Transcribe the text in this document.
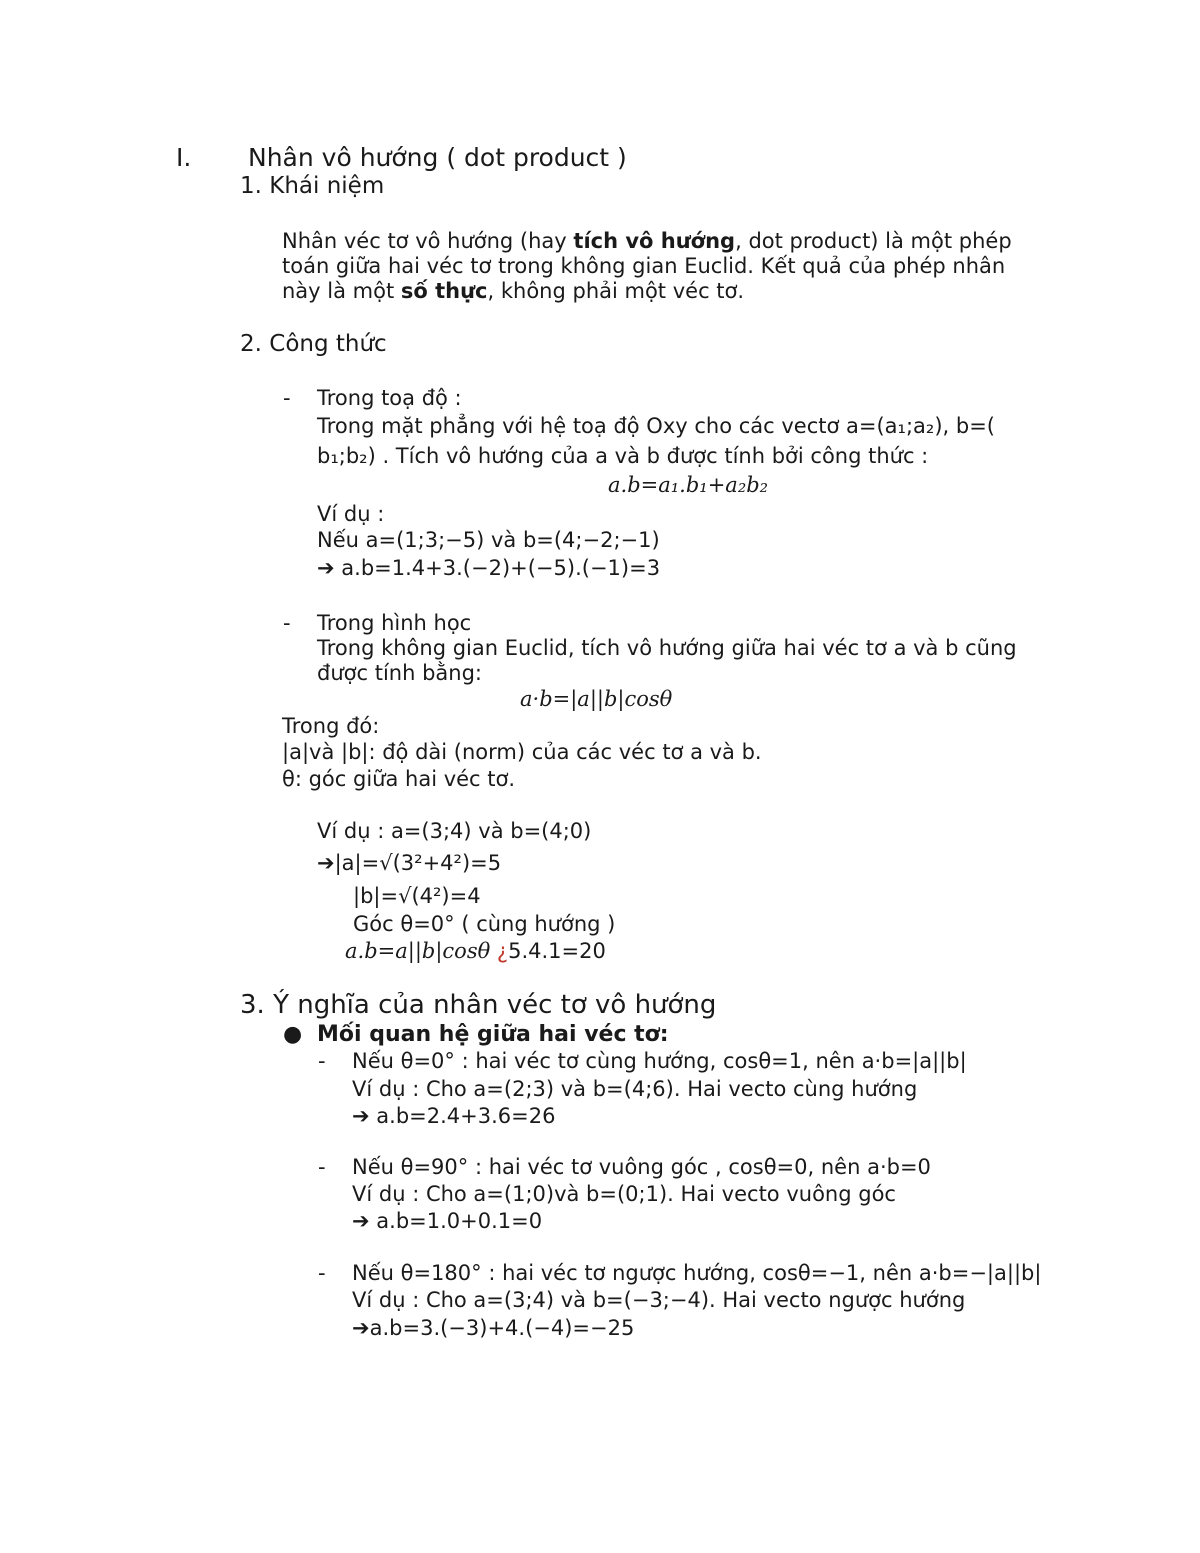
I. Nhân vô hướng ( dot product )
1. Khái niệm
Nhân véc tơ vô hướng (hay tích vô hướng, dot product) là một phép
toán giữa hai véc tơ trong không gian Euclid. Kết quả của phép nhân
này là một số thực, không phải một véc tơ.
2. Công thức
- Trong toạ độ :
Trong mặt phẳng với hệ toạ độ Oxy cho các vectơ a=(a₁;a₂), b=(
b₁;b₂) . Tích vô hướng của a và b được tính bởi công thức :
a.b=a₁.b₁+a₂b₂
Ví dụ :
Nếu a=(1;3;−5) và b=(4;−2;−1)
➔ a.b=1.4+3.(−2)+(−5).(−1)=3
- Trong hình học
Trong không gian Euclid, tích vô hướng giữa hai véc tơ a và b cũng
được tính bằng:
a·b=|a||b|cosθ
Trong đó:
|a|và |b|: độ dài (norm) của các véc tơ a và b.
θ: góc giữa hai véc tơ.
Ví dụ : a=(3;4) và b=(4;0)
➔|a|=√(3²+4²)=5
|b|=√(4²)=4
Góc θ=0° ( cùng hướng )
a.b=a||b|cosθ ¿5.4.1=20
3. Ý nghĩa của nhân véc tơ vô hướng
● Mối quan hệ giữa hai véc tơ:
- Nếu θ=0° : hai véc tơ cùng hướng, cosθ=1, nên a·b=|a||b|
Ví dụ : Cho a=(2;3) và b=(4;6). Hai vecto cùng hướng
➔ a.b=2.4+3.6=26
- Nếu θ=90° : hai véc tơ vuông góc , cosθ=0, nên a·b=0
Ví dụ : Cho a=(1;0)và b=(0;1). Hai vecto vuông góc
➔ a.b=1.0+0.1=0
- Nếu θ=180° : hai véc tơ ngược hướng, cosθ=−1, nên a·b=−|a||b|
Ví dụ : Cho a=(3;4) và b=(−3;−4). Hai vecto ngược hướng
➔a.b=3.(−3)+4.(−4)=−25
